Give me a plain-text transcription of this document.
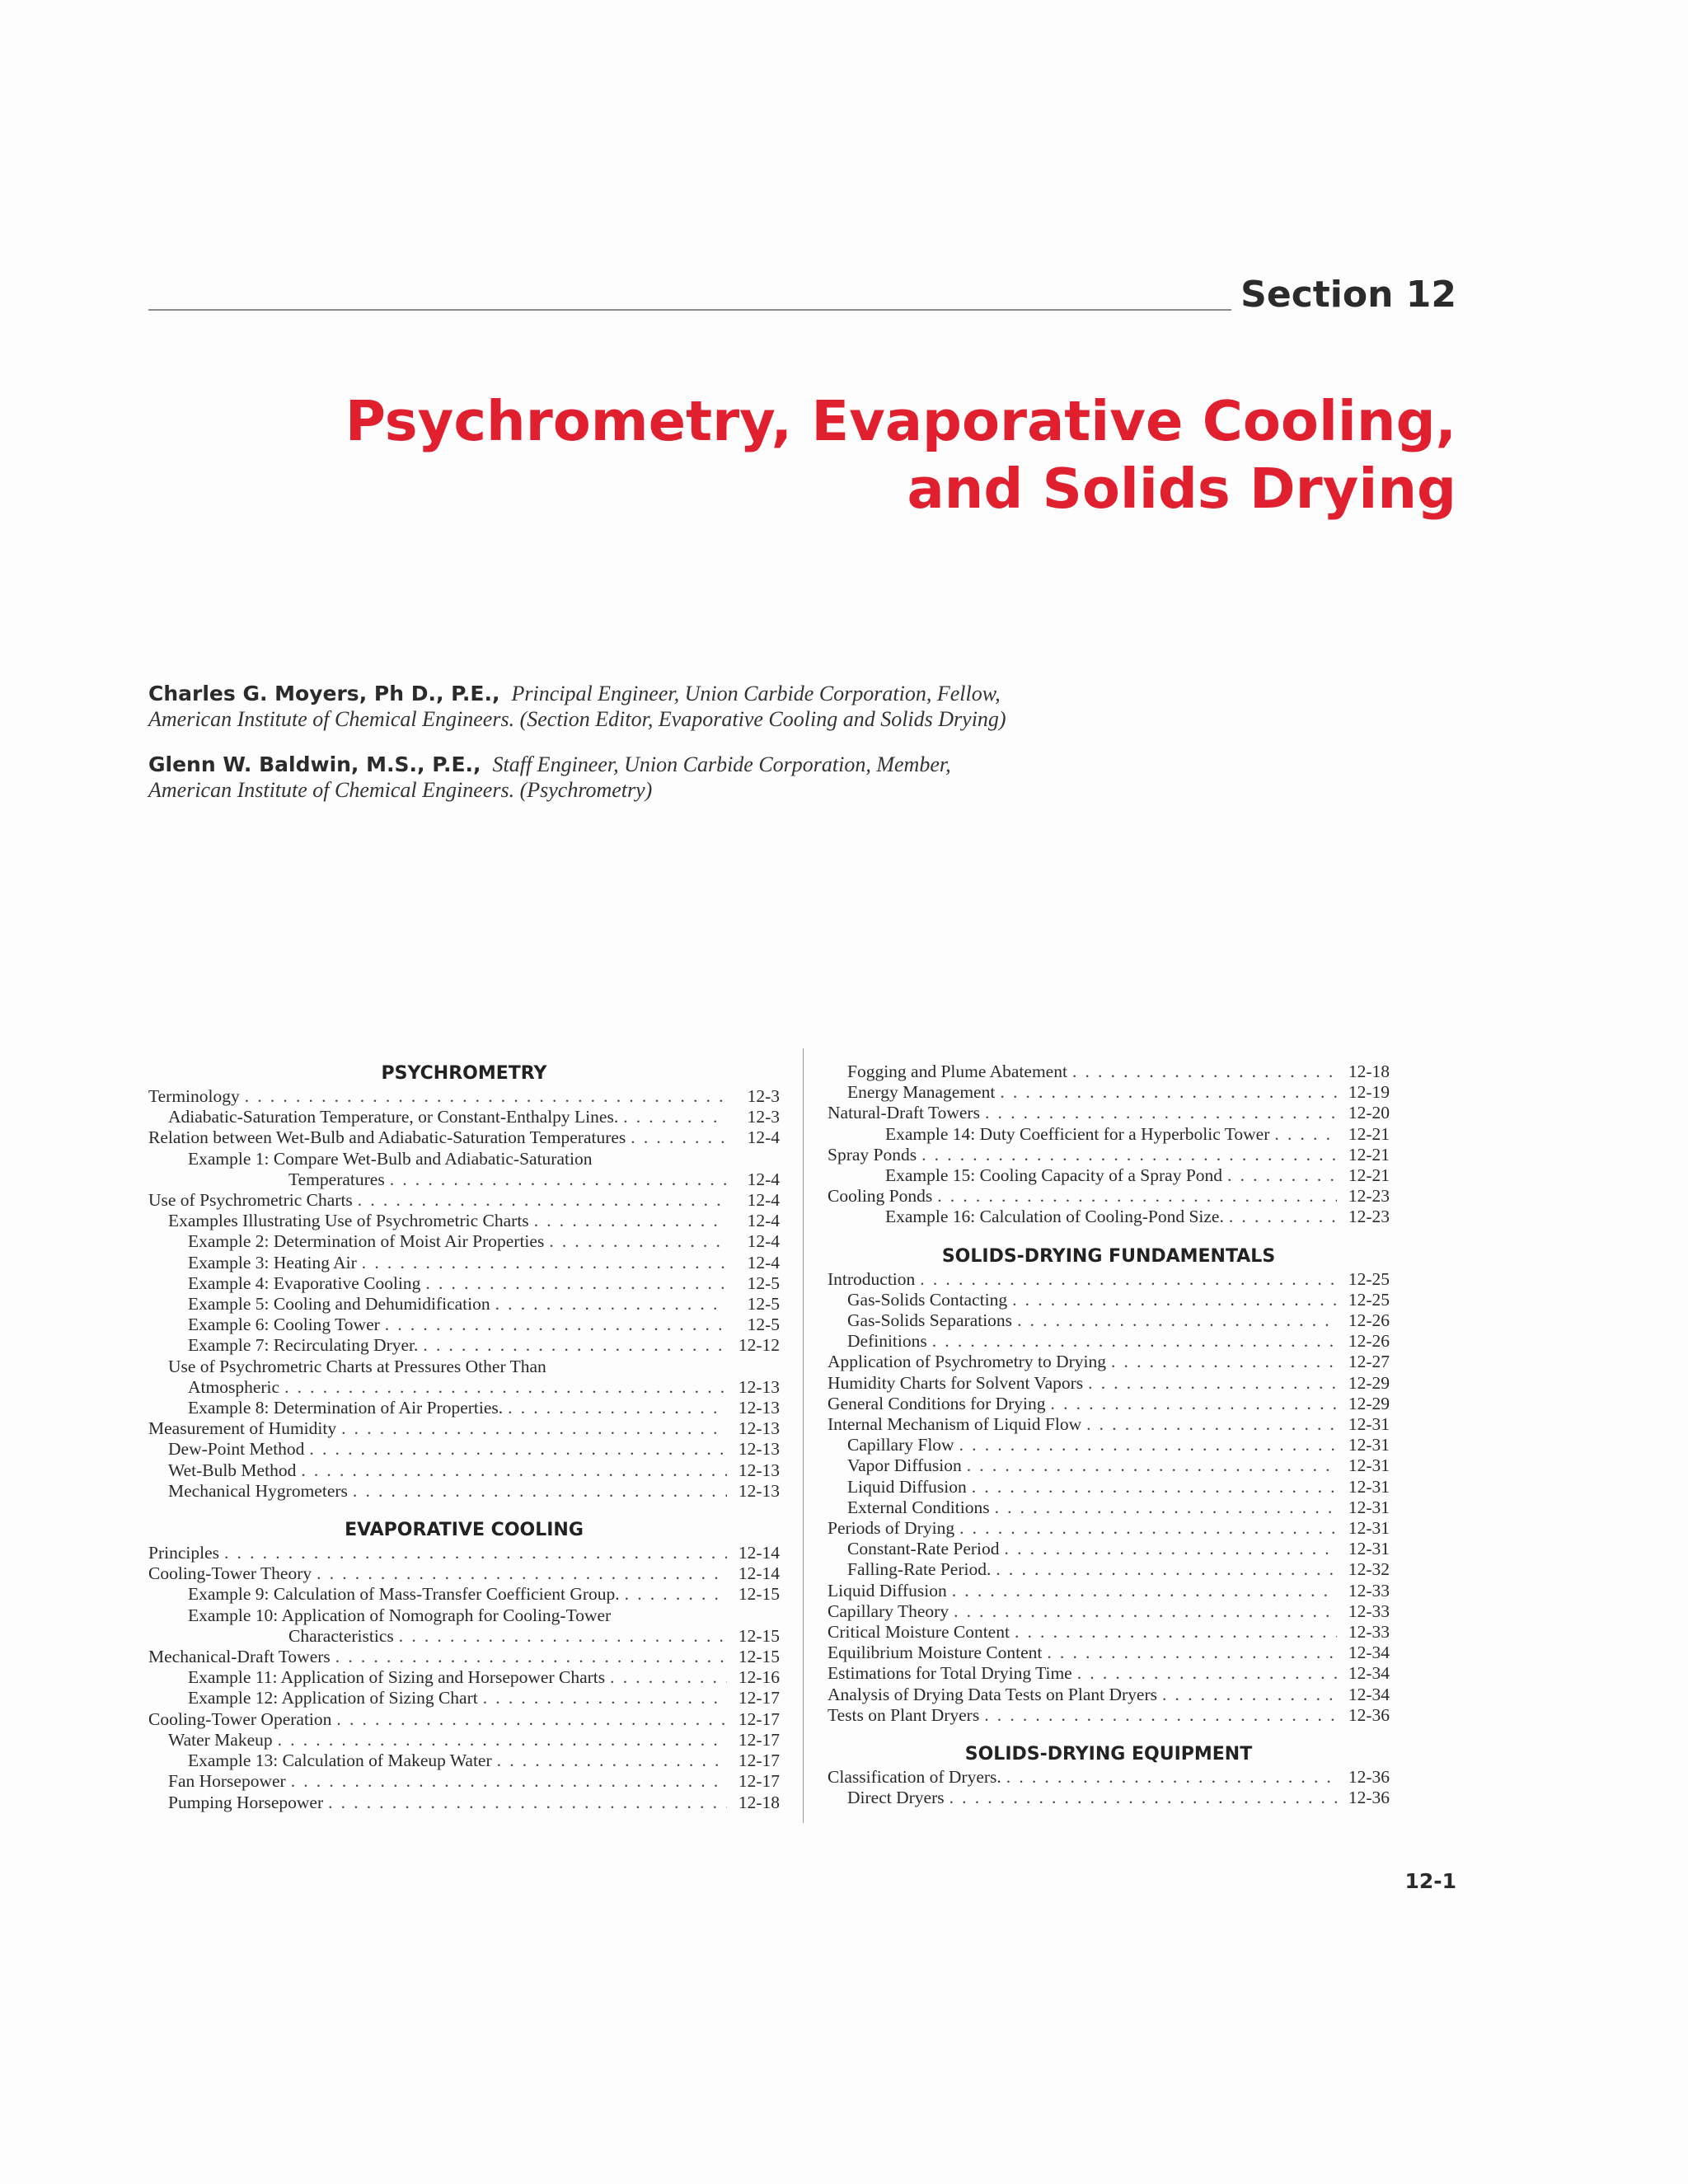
Section 12
Psychrometry, Evaporative Cooling,
and Solids Drying
Charles G. Moyers, Ph D., P.E., Principal Engineer, Union Carbide Corporation, Fellow, American Institute of Chemical Engineers. (Section Editor, Evaporative Cooling and Solids Drying)
Glenn W. Baldwin, M.S., P.E., Staff Engineer, Union Carbide Corporation, Member, American Institute of Chemical Engineers. (Psychrometry)
PSYCHROMETRY
Terminology . . .	12-3
Adiabatic-Saturation Temperature, or Constant-Enthalpy Lines. . . .	12-3
Relation between Wet-Bulb and Adiabatic-Saturation Temperatures . . .	12-4
Example 1: Compare Wet-Bulb and Adiabatic-Saturation
Temperatures . . .	12-4
Use of Psychrometric Charts . . .	12-4
Examples Illustrating Use of Psychrometric Charts . . .	12-4
Example 2: Determination of Moist Air Properties . . .	12-4
Example 3: Heating Air . . .	12-4
Example 4: Evaporative Cooling . . .	12-5
Example 5: Cooling and Dehumidification . . .	12-5
Example 6: Cooling Tower . . .	12-5
Example 7: Recirculating Dryer. . . .	12-12
Use of Psychrometric Charts at Pressures Other Than
Atmospheric . . .	12-13
Example 8: Determination of Air Properties. . . .	12-13
Measurement of Humidity . . .	12-13
Dew-Point Method . . .	12-13
Wet-Bulb Method . . .	12-13
Mechanical Hygrometers . . .	12-13
EVAPORATIVE COOLING
Principles . . .	12-14
Cooling-Tower Theory . . .	12-14
Example 9: Calculation of Mass-Transfer Coefficient Group. . . .	12-15
Example 10: Application of Nomograph for Cooling-Tower
Characteristics . . .	12-15
Mechanical-Draft Towers . . .	12-15
Example 11: Application of Sizing and Horsepower Charts . . .	12-16
Example 12: Application of Sizing Chart . . .	12-17
Cooling-Tower Operation . . .	12-17
Water Makeup . . .	12-17
Example 13: Calculation of Makeup Water . . .	12-17
Fan Horsepower . . .	12-17
Pumping Horsepower . . .	12-18
Fogging and Plume Abatement . . .	12-18
Energy Management . . .	12-19
Natural-Draft Towers . . .	12-20
Example 14: Duty Coefficient for a Hyperbolic Tower . . .	12-21
Spray Ponds . . .	12-21
Example 15: Cooling Capacity of a Spray Pond . . .	12-21
Cooling Ponds . . .	12-23
Example 16: Calculation of Cooling-Pond Size. . . .	12-23
SOLIDS-DRYING FUNDAMENTALS
Introduction . . .	12-25
Gas-Solids Contacting . . .	12-25
Gas-Solids Separations . . .	12-26
Definitions . . .	12-26
Application of Psychrometry to Drying . . .	12-27
Humidity Charts for Solvent Vapors . . .	12-29
General Conditions for Drying . . .	12-29
Internal Mechanism of Liquid Flow . . .	12-31
Capillary Flow . . .	12-31
Vapor Diffusion . . .	12-31
Liquid Diffusion . . .	12-31
External Conditions . . .	12-31
Periods of Drying . . .	12-31
Constant-Rate Period . . .	12-31
Falling-Rate Period. . . .	12-32
Liquid Diffusion . . .	12-33
Capillary Theory . . .	12-33
Critical Moisture Content . . .	12-33
Equilibrium Moisture Content . . .	12-34
Estimations for Total Drying Time . . .	12-34
Analysis of Drying Data Tests on Plant Dryers . . .	12-34
Tests on Plant Dryers . . .	12-36
SOLIDS-DRYING EQUIPMENT
Classification of Dryers. . . .	12-36
Direct Dryers . . .	12-36
12-1
